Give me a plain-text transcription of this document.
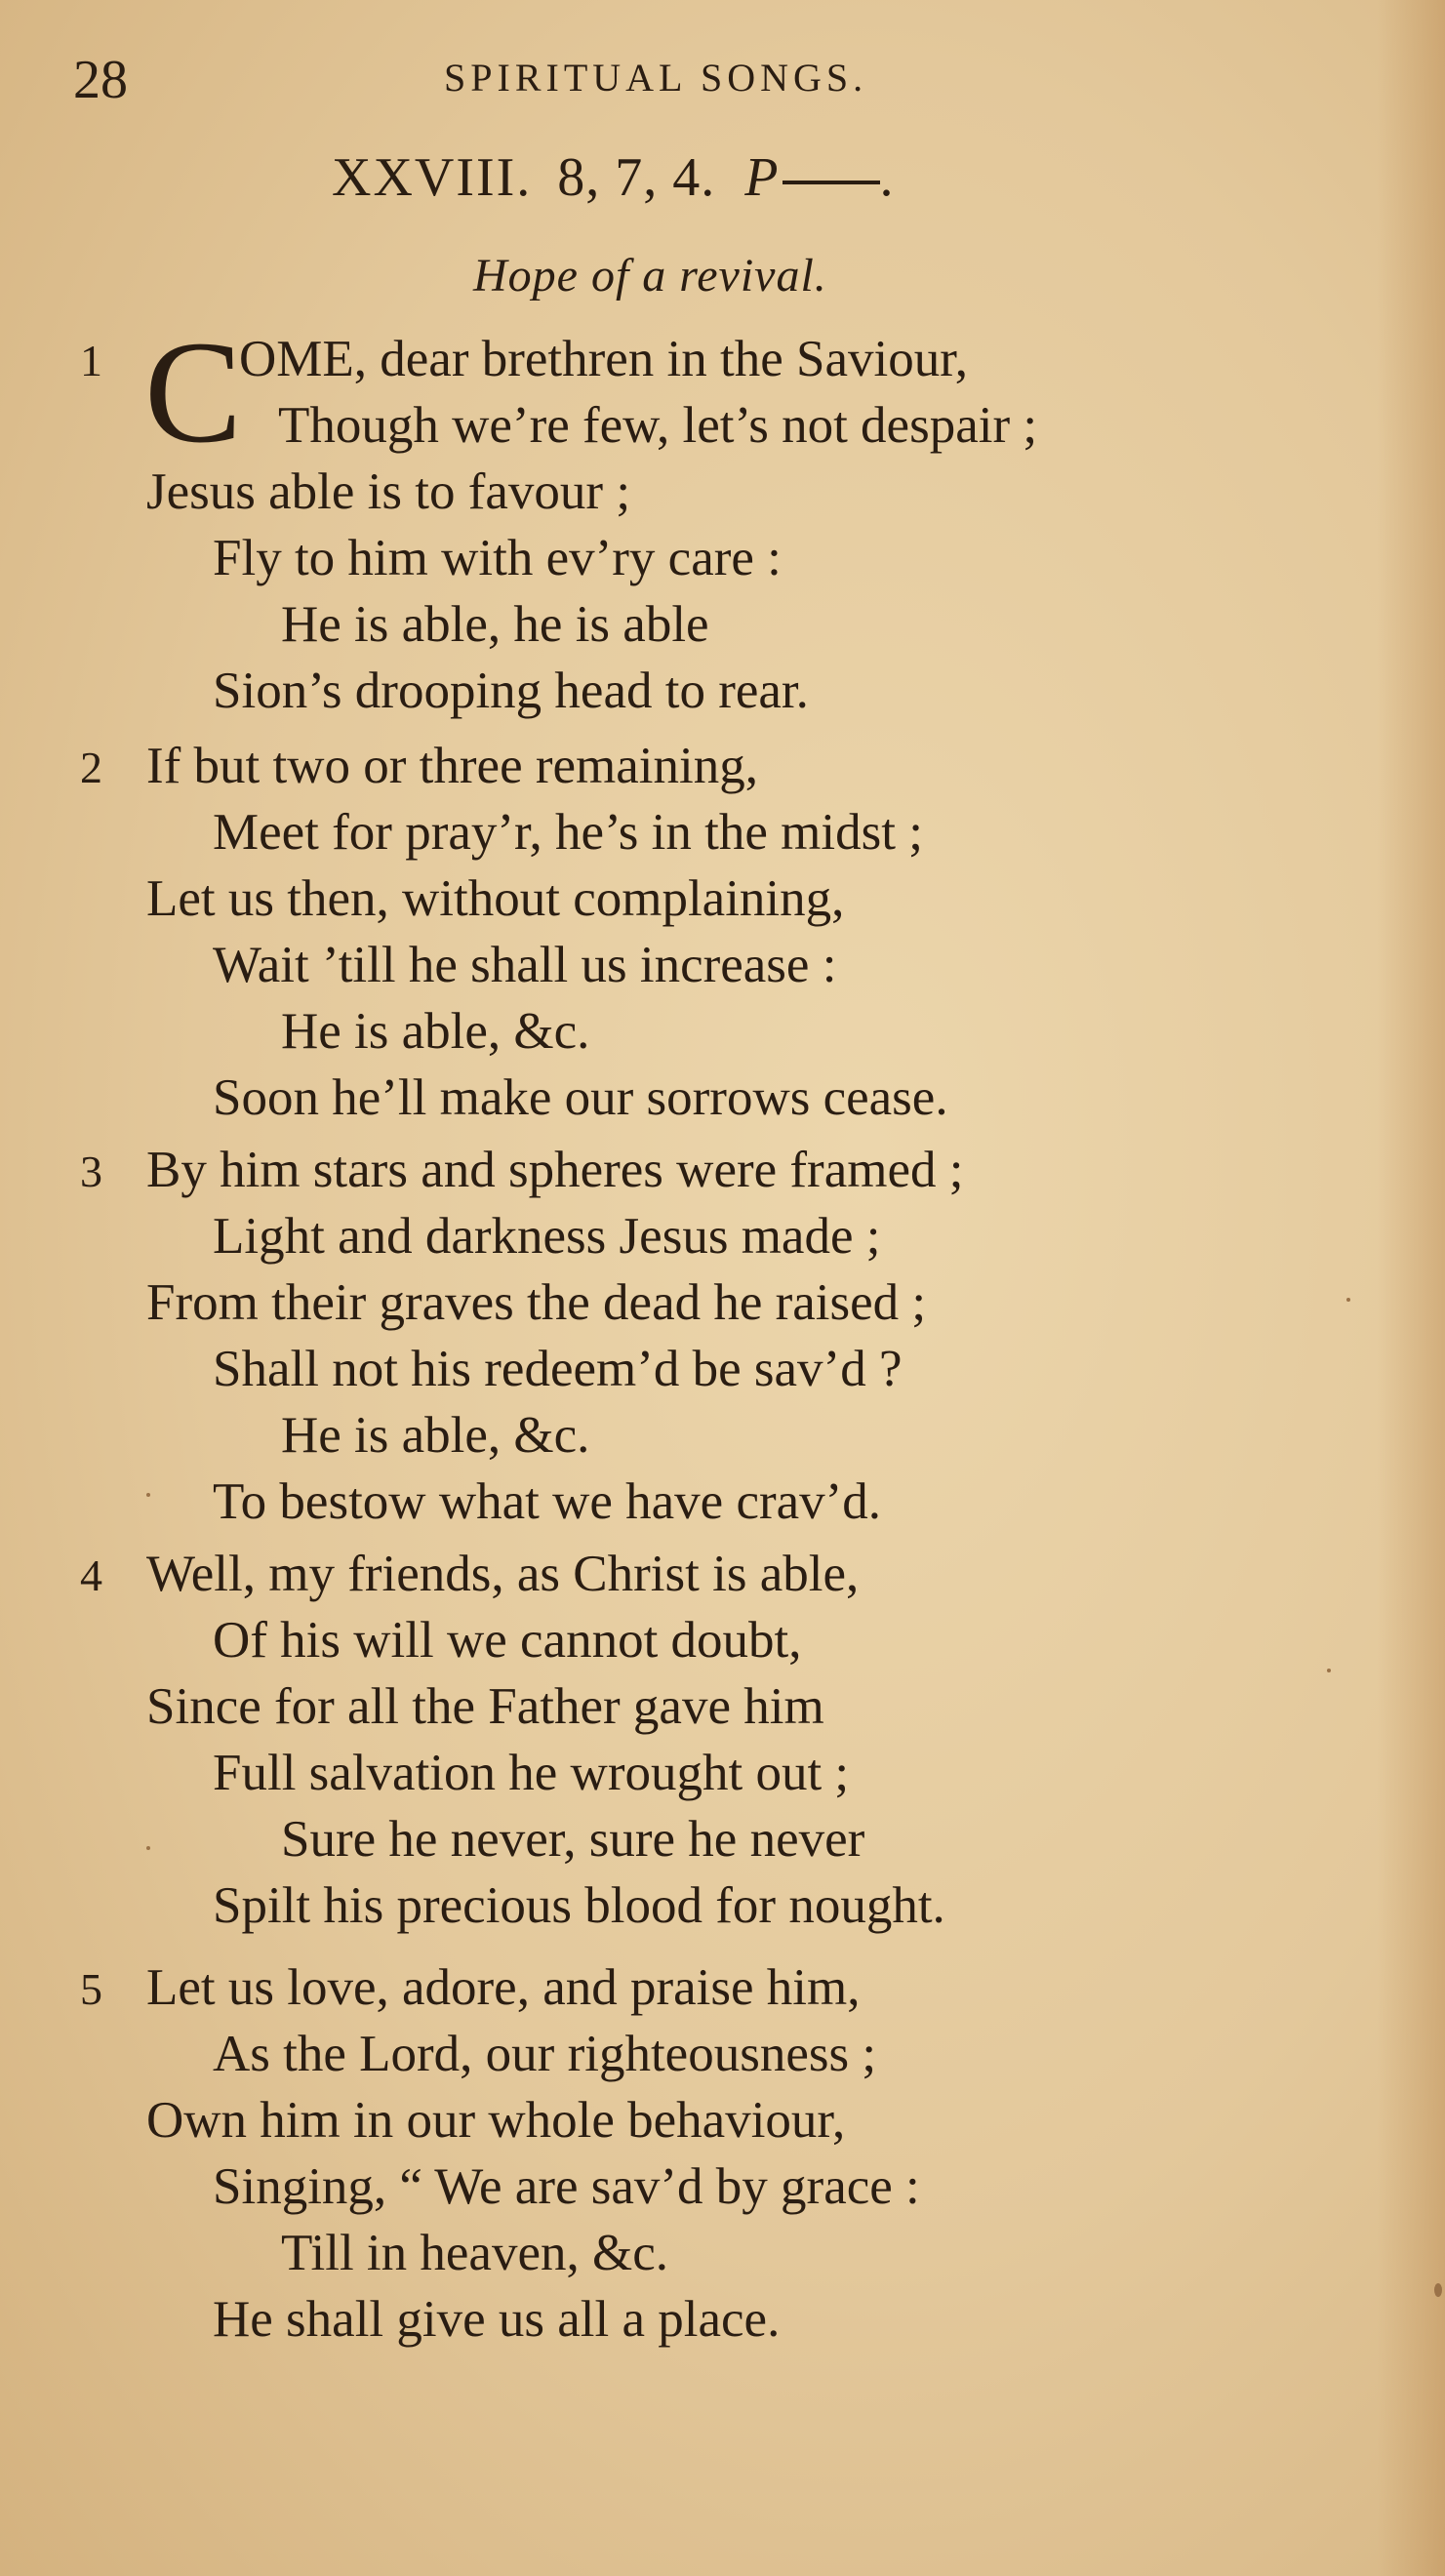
28	SPIRITUAL SONGS.
XXVIII. 8, 7, 4. P .
Hope of a revival.
C
1	OME, dear brethren in the Saviour,
Though we’re few, let’s not despair ;
Jesus able is to favour ;
Fly to him with ev’ry care :
He is able, he is able
Sion’s drooping head to rear.
2 If but two or three remaining,
Meet for pray’r, he’s in the midst ;
Let us then, without complaining,
Wait ’till he shall us increase :
He is able, &c.
Soon he’ll make our sorrows cease.
3 By him stars and spheres were framed ;
Light and darkness Jesus made ;
From their graves the dead he raised ;
Shall not his redeem’d be sav’d ?
He is able, &c.
To bestow what we have crav’d.
4 Well, my friends, as Christ is able,
Of his will we cannot doubt,
Since for all the Father gave him
Full salvation he wrought out ;
Sure he never, sure he never
Spilt his precious blood for nought.
5 Let us love, adore, and praise him,
As the Lord, our righteousness ;
Own him in our whole behaviour,
Singing, “ We are sav’d by grace :
Till in heaven, &c.
He shall give us all a place.
